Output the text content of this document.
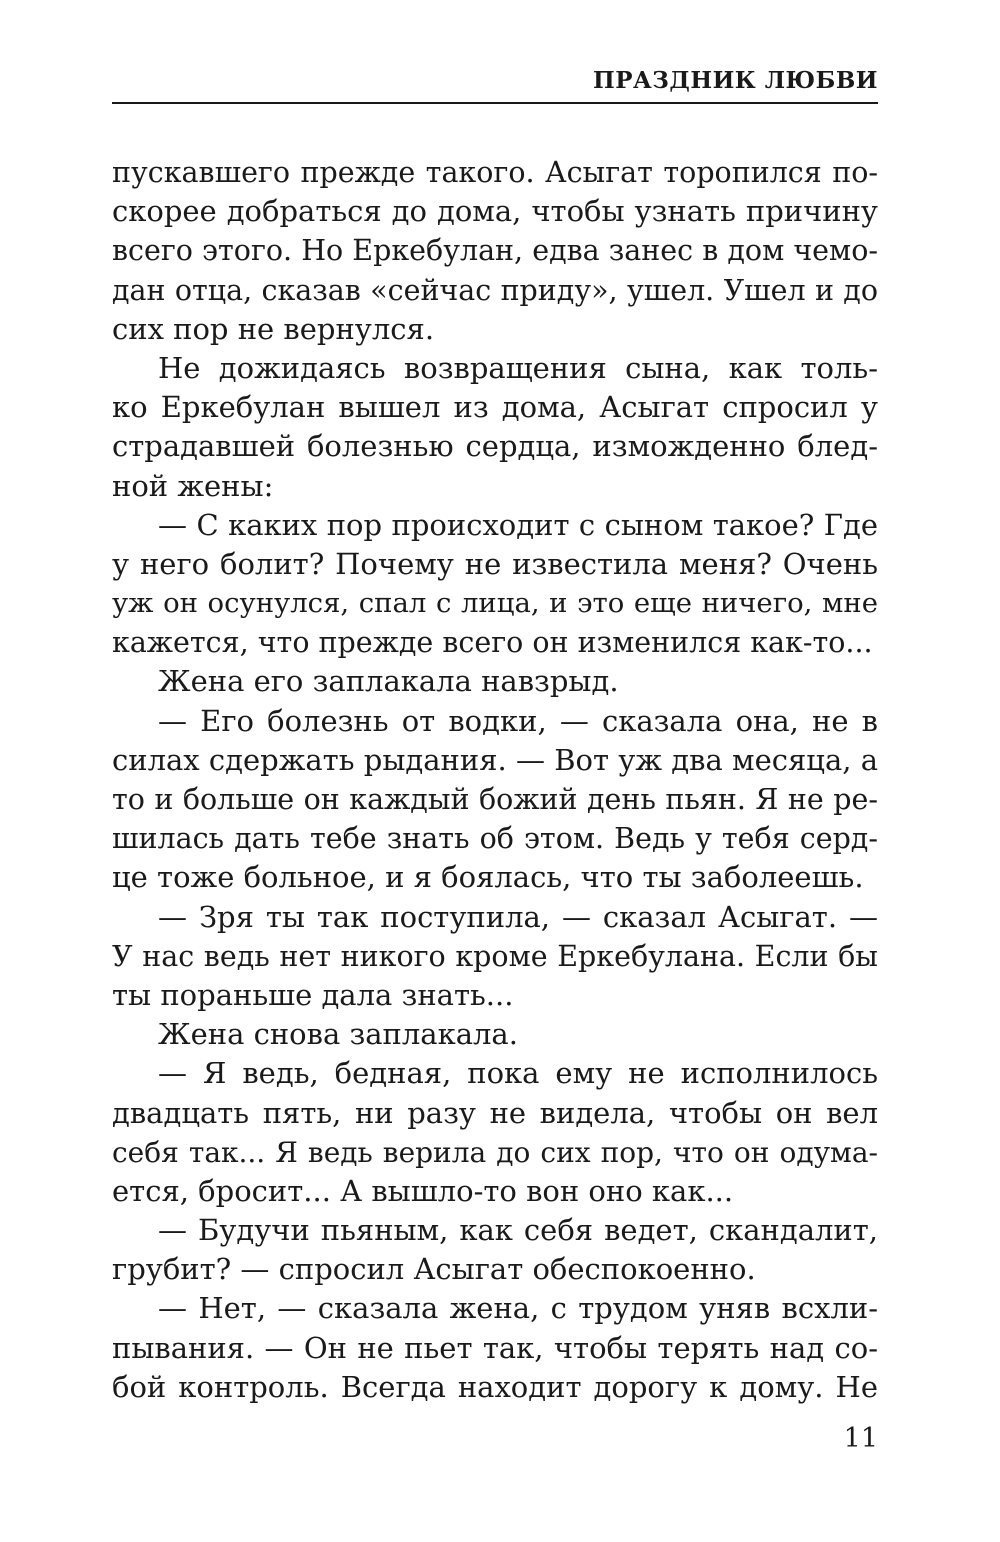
ПРАЗДНИК ЛЮБВИ
пускавшего прежде такого. Асыгат торопился по-
скорее добраться до дома, чтобы узнать причину
всего этого. Но Еркебулан, едва занес в дом чемо-
дан отца, сказав «сейчас приду», ушел. Ушел и до
сих пор не вернулся.
Не дожидаясь возвращения сына, как толь-
ко Еркебулан вышел из дома, Асыгат спросил у
страдавшей болезнью сердца, изможденно блед-
ной жены:
— С каких пор происходит с сыном такое? Где
у него болит? Почему не известила меня? Очень
уж он осунулся, спал с лица, и это еще ничего, мне
кажется, что прежде всего он изменился как-то...
Жена его заплакала навзрыд.
— Его болезнь от водки, — сказала она, не в
силах сдержать рыдания. — Вот уж два месяца, а
то и больше он каждый божий день пьян. Я не ре-
шилась дать тебе знать об этом. Ведь у тебя серд-
це тоже больное, и я боялась, что ты заболеешь.
— Зря ты так поступила, — сказал Асыгат. —
У нас ведь нет никого кроме Еркебулана. Если бы
ты пораньше дала знать...
Жена снова заплакала.
— Я ведь, бедная, пока ему не исполнилось
двадцать пять, ни разу не видела, чтобы он вел
себя так... Я ведь верила до сих пор, что он одума-
ется, бросит... А вышло-то вон оно как...
— Будучи пьяным, как себя ведет, скандалит,
грубит? — спросил Асыгат обеспокоенно.
— Нет, — сказала жена, с трудом уняв всхли-
пывания. — Он не пьет так, чтобы терять над со-
бой контроль. Всегда находит дорогу к дому. Не
11
